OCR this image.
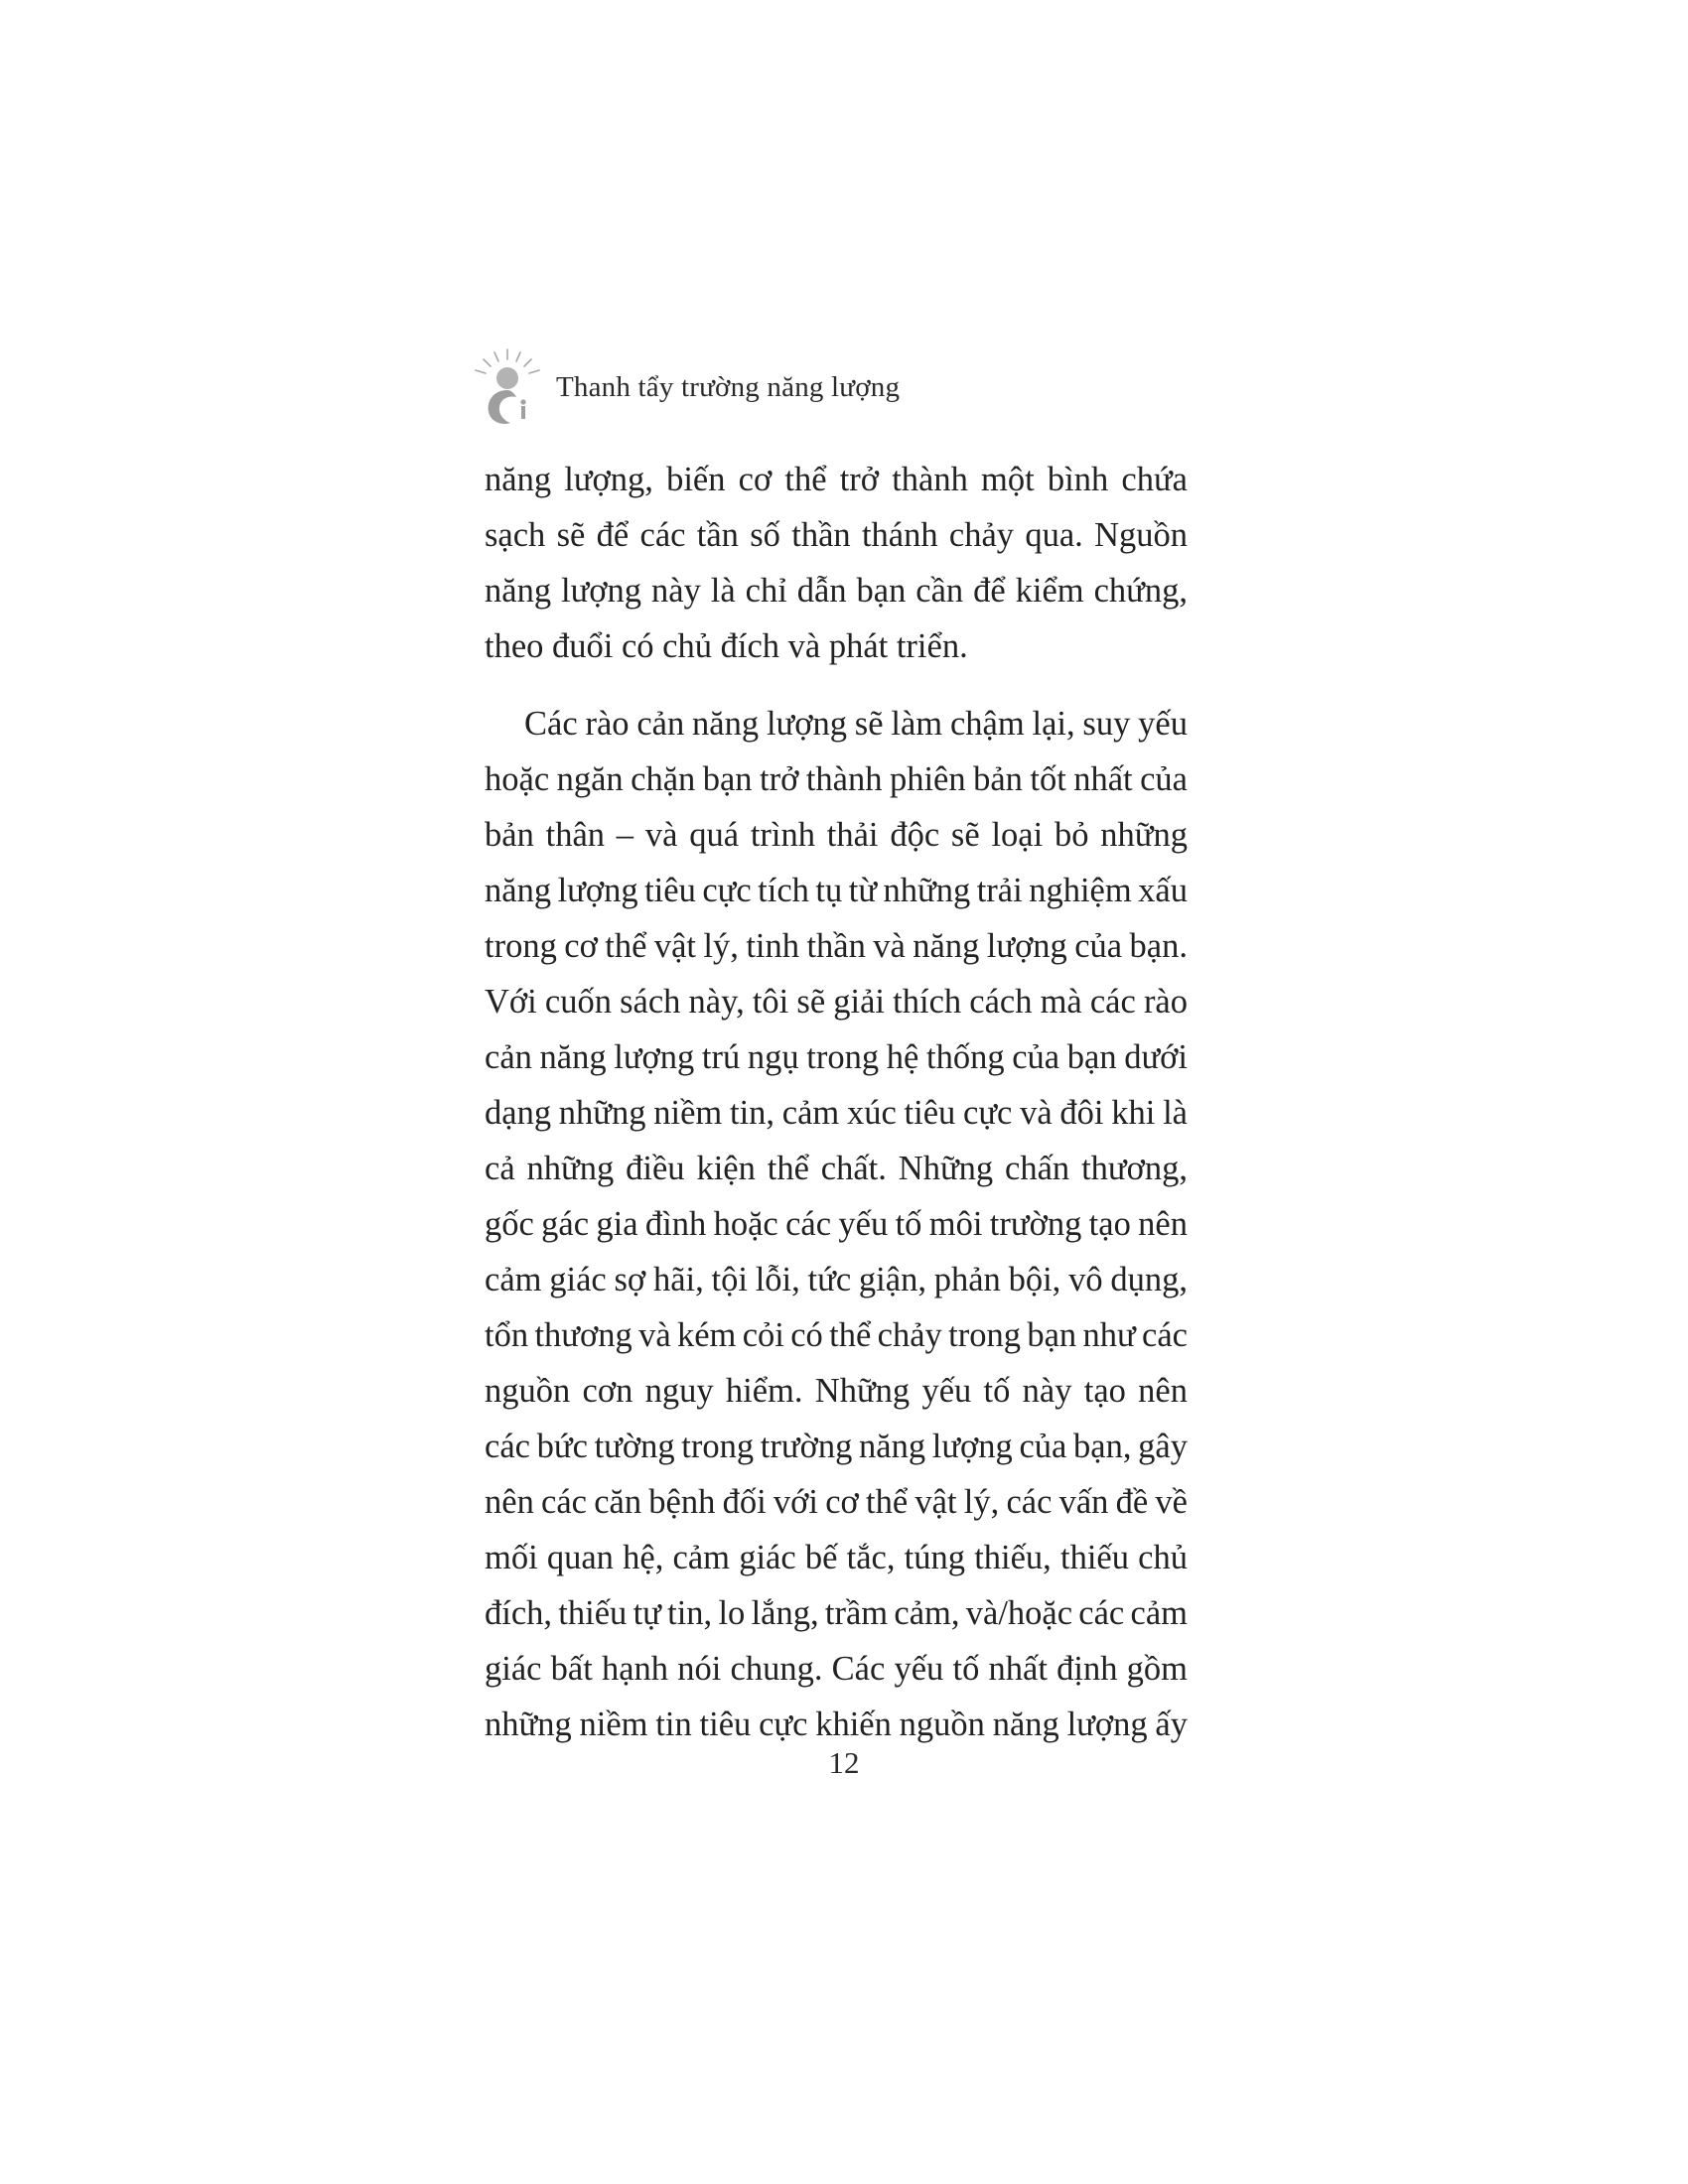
Thanh tẩy trường năng lượng

năng lượng, biến cơ thể trở thành một bình chứa
sạch sẽ để các tần số thần thánh chảy qua. Nguồn
năng lượng này là chỉ dẫn bạn cần để kiểm chứng,
theo đuổi có chủ đích và phát triển.

Các rào cản năng lượng sẽ làm chậm lại, suy yếu
hoặc ngăn chặn bạn trở thành phiên bản tốt nhất của
bản thân – và quá trình thải độc sẽ loại bỏ những
năng lượng tiêu cực tích tụ từ những trải nghiệm xấu
trong cơ thể vật lý, tinh thần và năng lượng của bạn.
Với cuốn sách này, tôi sẽ giải thích cách mà các rào
cản năng lượng trú ngụ trong hệ thống của bạn dưới
dạng những niềm tin, cảm xúc tiêu cực và đôi khi là
cả những điều kiện thể chất. Những chấn thương,
gốc gác gia đình hoặc các yếu tố môi trường tạo nên
cảm giác sợ hãi, tội lỗi, tức giận, phản bội, vô dụng,
tổn thương và kém cỏi có thể chảy trong bạn như các
nguồn cơn nguy hiểm. Những yếu tố này tạo nên
các bức tường trong trường năng lượng của bạn, gây
nên các căn bệnh đối với cơ thể vật lý, các vấn đề về
mối quan hệ, cảm giác bế tắc, túng thiếu, thiếu chủ
đích, thiếu tự tin, lo lắng, trầm cảm, và/hoặc các cảm
giác bất hạnh nói chung. Các yếu tố nhất định gồm
những niềm tin tiêu cực khiến nguồn năng lượng ấy

12
